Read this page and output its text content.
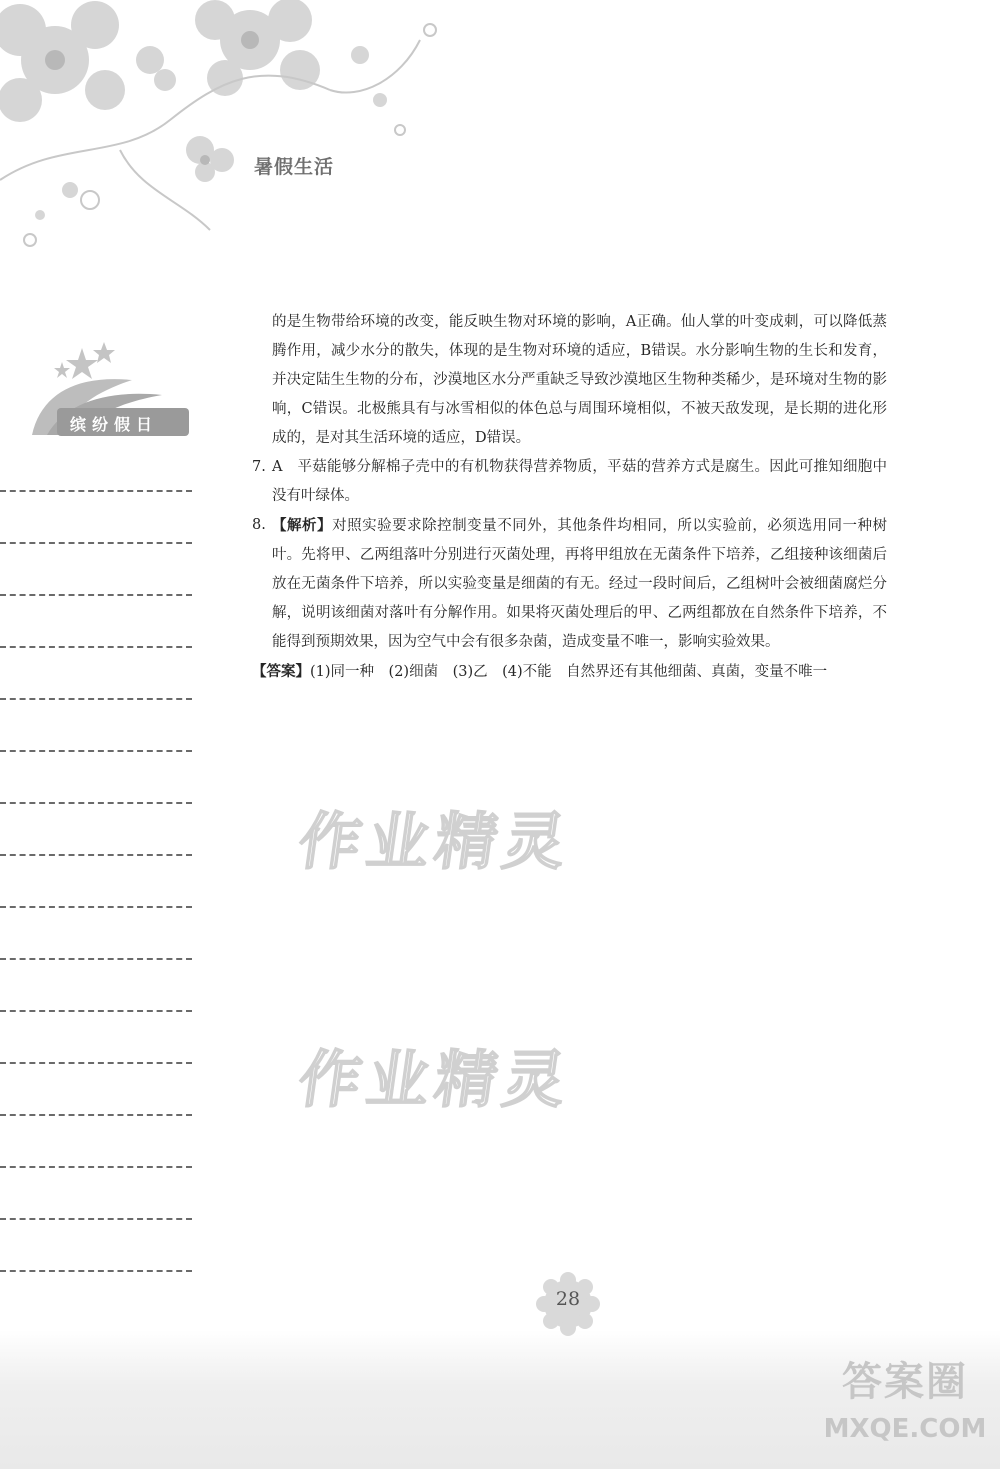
暑假生活
缤纷假日

的是生物带给环境的改变，能反映生物对环境的影响，A正确。仙人掌的叶变成刺，可以降低蒸腾作用，减少水分的散失，体现的是生物对环境的适应，B错误。水分影响生物的生长和发育，并决定陆生生物的分布，沙漠地区水分严重缺乏导致沙漠地区生物种类稀少，是环境对生物的影响，C错误。北极熊具有与冰雪相似的体色总与周围环境相似，不被天敌发现，是长期的进化形成的，是对其生活环境的适应，D错误。

7. A　平菇能够分解棉子壳中的有机物获得营养物质，平菇的营养方式是腐生。因此可推知细胞中没有叶绿体。
8. 【解析】对照实验要求除控制变量不同外，其他条件均相同，所以实验前，必须选用同一种树叶。先将甲、乙两组落叶分别进行灭菌处理，再将甲组放在无菌条件下培养，乙组接种该细菌后放在无菌条件下培养，所以实验变量是细菌的有无。经过一段时间后，乙组树叶会被细菌腐烂分解，说明该细菌对落叶有分解作用。如果将灭菌处理后的甲、乙两组都放在自然条件下培养，不能得到预期效果，因为空气中会有很多杂菌，造成变量不唯一，影响实验效果。

【答案】(1)同一种　(2)细菌　(3)乙　(4)不能　自然界还有其他细菌、真菌，变量不唯一

作业精灵
作业精灵
28
答案圈
MXQE.COM
